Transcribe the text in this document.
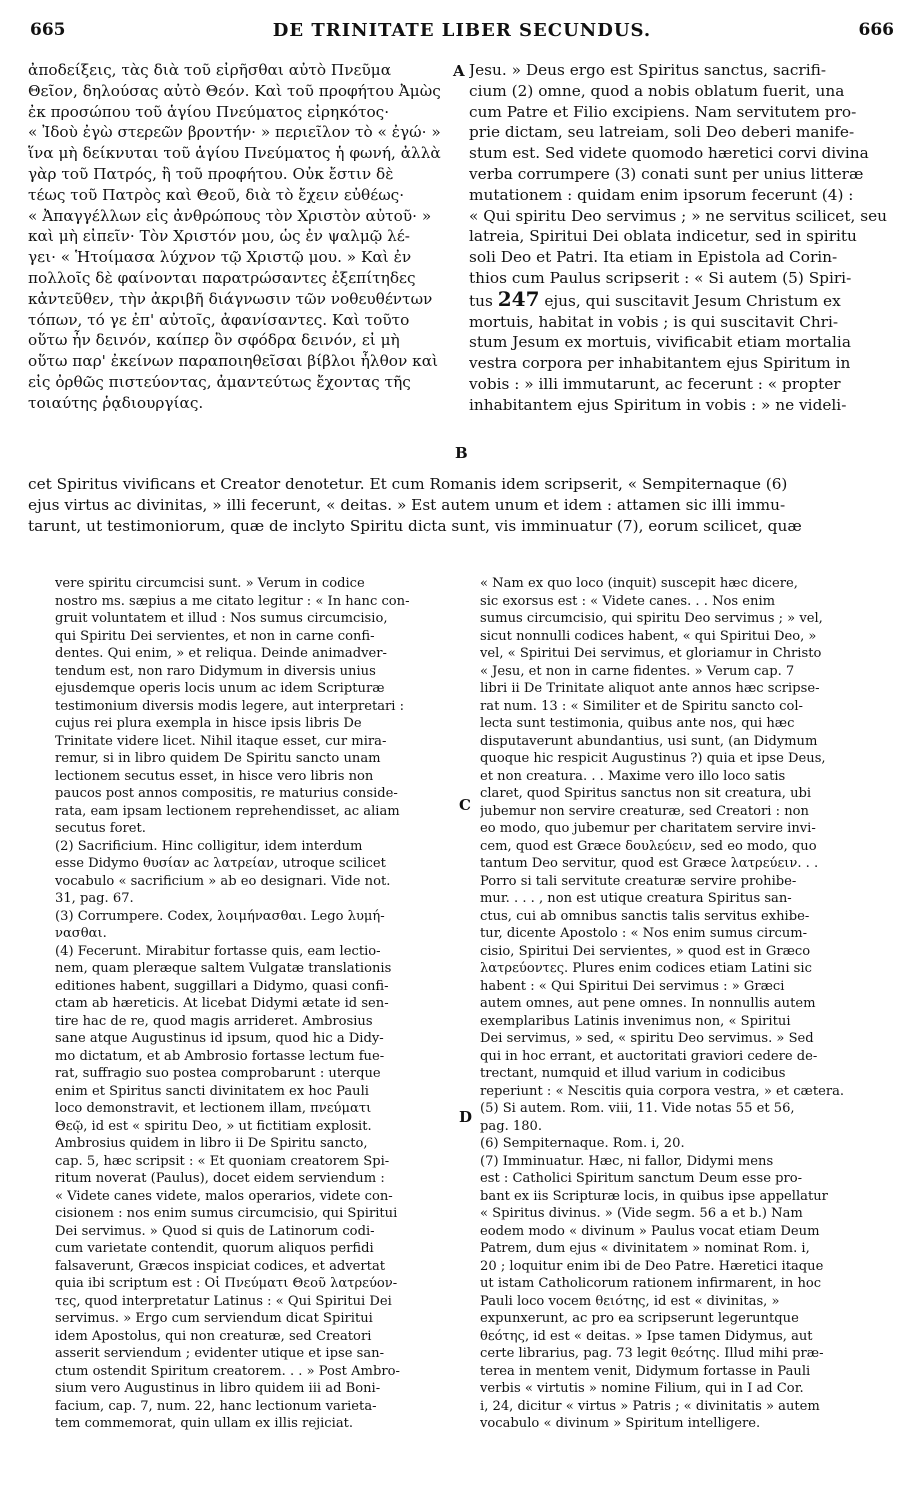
665	DE TRINITATE LIBER SECUNDUS.	666
ἀποδείξεις, τὰς διὰ τοῦ εἰρῆσθαι αὐτὸ Πνεῦμα
Θεῖον, δηλούσας αὐτὸ Θεόν. Καὶ τοῦ προφήτου Ἀμὼς
ἐκ προσώπου τοῦ ἁγίου Πνεύματος εἰρηκότος·
« Ἰδοὺ ἐγὼ στερεῶν βροντήν· » περιεῖλον τὸ « ἐγώ· »
ἵνα μὴ δείκνυται τοῦ ἁγίου Πνεύματος ἡ φωνή, ἀλλὰ
γὰρ τοῦ Πατρός, ἢ τοῦ προφήτου. Οὐκ ἔστιν δὲ
τέως τοῦ Πατρὸς καὶ Θεοῦ, διὰ τὸ ἔχειν εὐθέως·
« Ἀπαγγέλλων εἰς ἀνθρώπους τὸν Χριστὸν αὐτοῦ· »
καὶ μὴ εἰπεῖν· Τὸν Χριστόν μου, ὡς ἐν ψαλμῷ λέ-
γει· « Ἡτοίμασα λύχνον τῷ Χριστῷ μου. » Καὶ ἐν
πολλοῖς δὲ φαίνονται παρατρώσαντες ἐξεπίτηδες
κἀντεῦθεν, τὴν ἀκριβῆ διάγνωσιν τῶν νοθευθέντων
τόπων, τό γε ἐπ' αὐτοῖς, ἀφανίσαντες. Καὶ τοῦτο
οὕτω ἦν δεινόν, καίπερ ὂν σφόδρα δεινόν, εἰ μὴ
οὕτω παρ' ἐκείνων παραποιηθεῖσαι βίβλοι ἦλθον καὶ
εἰς ὀρθῶς πιστεύοντας, ἀμαντεύτως ἔχοντας τῆς
τοιαύτης ῥᾳδιουργίας.
Jesu. » Deus ergo est Spiritus sanctus, sacrifi-
cium (2) omne, quod a nobis oblatum fuerit, una
cum Patre et Filio excipiens. Nam servitutem pro-
prie dictam, seu latreiam, soli Deo deberi manife-
stum est. Sed videte quomodo hæretici corvi divina
verba corrumpere (3) conati sunt per unius litteræ
mutationem : quidam enim ipsorum fecerunt (4) :
« Qui spiritu Deo servimus ; » ne servitus scilicet, seu
latreia, Spiritui Dei oblata indicetur, sed in spiritu
soli Deo et Patri. Ita etiam in Epistola ad Corin-
thios cum Paulus scripserit : « Si autem (5) Spiri-
tus 247 ejus, qui suscitavit Jesum Christum ex
mortuis, habitat in vobis ; is qui suscitavit Chri-
stum Jesum ex mortuis, vivificabit etiam mortalia
vestra corpora per inhabitantem ejus Spiritum in
vobis : » illi immutarunt, ac fecerunt : « propter
inhabitantem ejus Spiritum in vobis : » ne videli-
cet Spiritus vivificans et Creator denotetur. Et cum Romanis idem scripserit, « Sempiternaque (6)
ejus virtus ac divinitas, » illi fecerunt, « deitas. » Est autem unum et idem : attamen sic illi immu-
tarunt, ut testimoniorum, quæ de inclyto Spiritu dicta sunt, vis imminuatur (7), eorum scilicet, quæ
vere spiritu circumcisi sunt. » Verum in codice
nostro ms. sæpius a me citato legitur : « In hanc con-
gruit voluntatem et illud : Nos sumus circumcisio,
qui Spiritu Dei servientes, et non in carne confi-
dentes. Qui enim, » et reliqua. Deinde animadver-
tendum est, non raro Didymum in diversis unius
ejusdemque operis locis unum ac idem Scripturæ
testimonium diversis modis legere, aut interpretari :
cujus rei plura exempla in hisce ipsis libris De
Trinitate videre licet. Nihil itaque esset, cur mira-
remur, si in libro quidem De Spiritu sancto unam
lectionem secutus esset, in hisce vero libris non
paucos post annos compositis, re maturius conside-
rata, eam ipsam lectionem reprehendisset, ac aliam
secutus foret.
(2) Sacrificium. Hinc colligitur, idem interdum
esse Didymo θυσίαν ac λατρείαν, utroque scilicet
vocabulo « sacrificium » ab eo designari. Vide not.
31, pag. 67.
(3) Corrumpere. Codex, λοιμήνασθαι. Lego λυμή-
νασθαι.
(4) Fecerunt. Mirabitur fortasse quis, eam lectio-
nem, quam pleræque saltem Vulgatæ translationis
editiones habent, suggillari a Didymo, quasi confi-
ctam ab hæreticis. At licebat Didymi ætate id sen-
tire hac de re, quod magis arrideret. Ambrosius
sane atque Augustinus id ipsum, quod hic a Didy-
mo dictatum, et ab Ambrosio fortasse lectum fue-
rat, suffragio suo postea comprobarunt : uterque
enim et Spiritus sancti divinitatem ex hoc Pauli
loco demonstravit, et lectionem illam, πνεύματι
Θεῷ, id est « spiritu Deo, » ut fictitiam explosit.
Ambrosius quidem in libro ii De Spiritu sancto,
cap. 5, hæc scripsit : « Et quoniam creatorem Spi-
ritum noverat (Paulus), docet eidem serviendum :
« Videte canes videte, malos operarios, videte con-
cisionem : nos enim sumus circumcisio, qui Spiritui
Dei servimus. » Quod si quis de Latinorum codi-
cum varietate contendit, quorum aliquos perfidi
falsaverunt, Græcos inspiciat codices, et advertat
quia ibi scriptum est : Οἱ Πνεύματι Θεοῦ λατρεύον-
τες, quod interpretatur Latinus : « Qui Spiritui Dei
servimus. » Ergo cum serviendum dicat Spiritui
idem Apostolus, qui non creaturæ, sed Creatori
asserit serviendum ; evidenter utique et ipse san-
ctum ostendit Spiritum creatorem. . . » Post Ambro-
sium vero Augustinus in libro quidem iii ad Boni-
facium, cap. 7, num. 22, hanc lectionum varieta-
tem commemorat, quin ullam ex illis rejiciat.
« Nam ex quo loco (inquit) suscepit hæc dicere,
sic exorsus est : « Videte canes. . . Nos enim
sumus circumcisio, qui spiritu Deo servimus ; » vel,
sicut nonnulli codices habent, « qui Spiritui Deo, »
vel, « Spiritui Dei servimus, et gloriamur in Christo
« Jesu, et non in carne fidentes. » Verum cap. 7
libri ii De Trinitate aliquot ante annos hæc scripse-
rat num. 13 : « Similiter et de Spiritu sancto col-
lecta sunt testimonia, quibus ante nos, qui hæc
disputaverunt abundantius, usi sunt, (an Didymum
quoque hic respicit Augustinus ?) quia et ipse Deus,
et non creatura. . . Maxime vero illo loco satis
claret, quod Spiritus sanctus non sit creatura, ubi
jubemur non servire creaturæ, sed Creatori : non
eo modo, quo jubemur per charitatem servire invi-
cem, quod est Græce δουλεύειν, sed eo modo, quo
tantum Deo servitur, quod est Græce λατρεύειν. . .
Porro si tali servitute creaturæ servire prohibe-
mur. . . . , non est utique creatura Spiritus san-
ctus, cui ab omnibus sanctis talis servitus exhibe-
tur, dicente Apostolo : « Nos enim sumus circum-
cisio, Spiritui Dei servientes, » quod est in Græco
λατρεύοντες. Plures enim codices etiam Latini sic
habent : « Qui Spiritui Dei servimus : » Græci
autem omnes, aut pene omnes. In nonnullis autem
exemplaribus Latinis invenimus non, « Spiritui
Dei servimus, » sed, « spiritu Deo servimus. » Sed
qui in hoc errant, et auctoritati graviori cedere de-
trectant, numquid et illud varium in codicibus
reperiunt : « Nescitis quia corpora vestra, » et cætera.
(5) Si autem. Rom. viii, 11. Vide notas 55 et 56,
pag. 180.
(6) Sempiternaque. Rom. i, 20.
(7) Imminuatur. Hæc, ni fallor, Didymi mens
est : Catholici Spiritum sanctum Deum esse pro-
bant ex iis Scripturæ locis, in quibus ipse appellatur
« Spiritus divinus. » (Vide segm. 56 a et b.) Nam
eodem modo « divinum » Paulus vocat etiam Deum
Patrem, dum ejus « divinitatem » nominat Rom. i,
20 ; loquitur enim ibi de Deo Patre. Hæretici itaque
ut istam Catholicorum rationem infirmarent, in hoc
Pauli loco vocem θειότης, id est « divinitas, »
expunxerunt, ac pro ea scripserunt legeruntque
θεότης, id est « deitas. » Ipse tamen Didymus, aut
certe librarius, pag. 73 legit θεότης. Illud mihi præ-
terea in mentem venit, Didymum fortasse in Pauli
verbis « virtutis » nomine Filium, qui in I ad Cor.
i, 24, dicitur « virtus » Patris ; « divinitatis » autem
vocabulo « divinum » Spiritum intelligere.
A
B
C
D
